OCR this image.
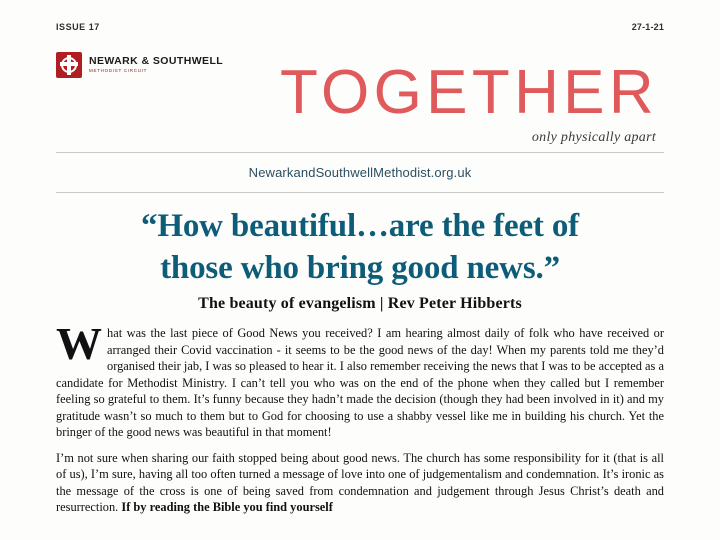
ISSUE 17	27-1-21
NEWARK & SOUTHWELL
METHODIST CIRCUIT	TOGETHER
only physically apart
NewarkandSouthwellMethodist.org.uk
“How beautiful…are the feet of
those who bring good news.”
The beauty of evangelism | Rev Peter Hibberts

What was the last piece of Good News you received? I am hearing almost daily of folk who have received or arranged their Covid vaccination - it seems to be the good news of the day! When my parents told me they’d organised their jab, I was so pleased to hear it. I also remember receiving the news that I was to be accepted as a candidate for Methodist Ministry. I can’t tell you who was on the end of the phone when they called but I remember feeling so grateful to them. It’s funny because they hadn’t made the decision (though they had been involved in it) and my gratitude wasn’t so much to them but to God for choosing to use a shabby vessel like me in building his church. Yet the bringer of the good news was beautiful in that moment!

I’m not sure when sharing our faith stopped being about good news. The church has some responsibility for it (that is all of us), I’m sure, having all too often turned a message of love into one of judgementalism and condemnation. It’s ironic as the message of the cross is one of being saved from condemnation and judgement through Jesus Christ’s death and resurrection. If by reading the Bible you find yourself
